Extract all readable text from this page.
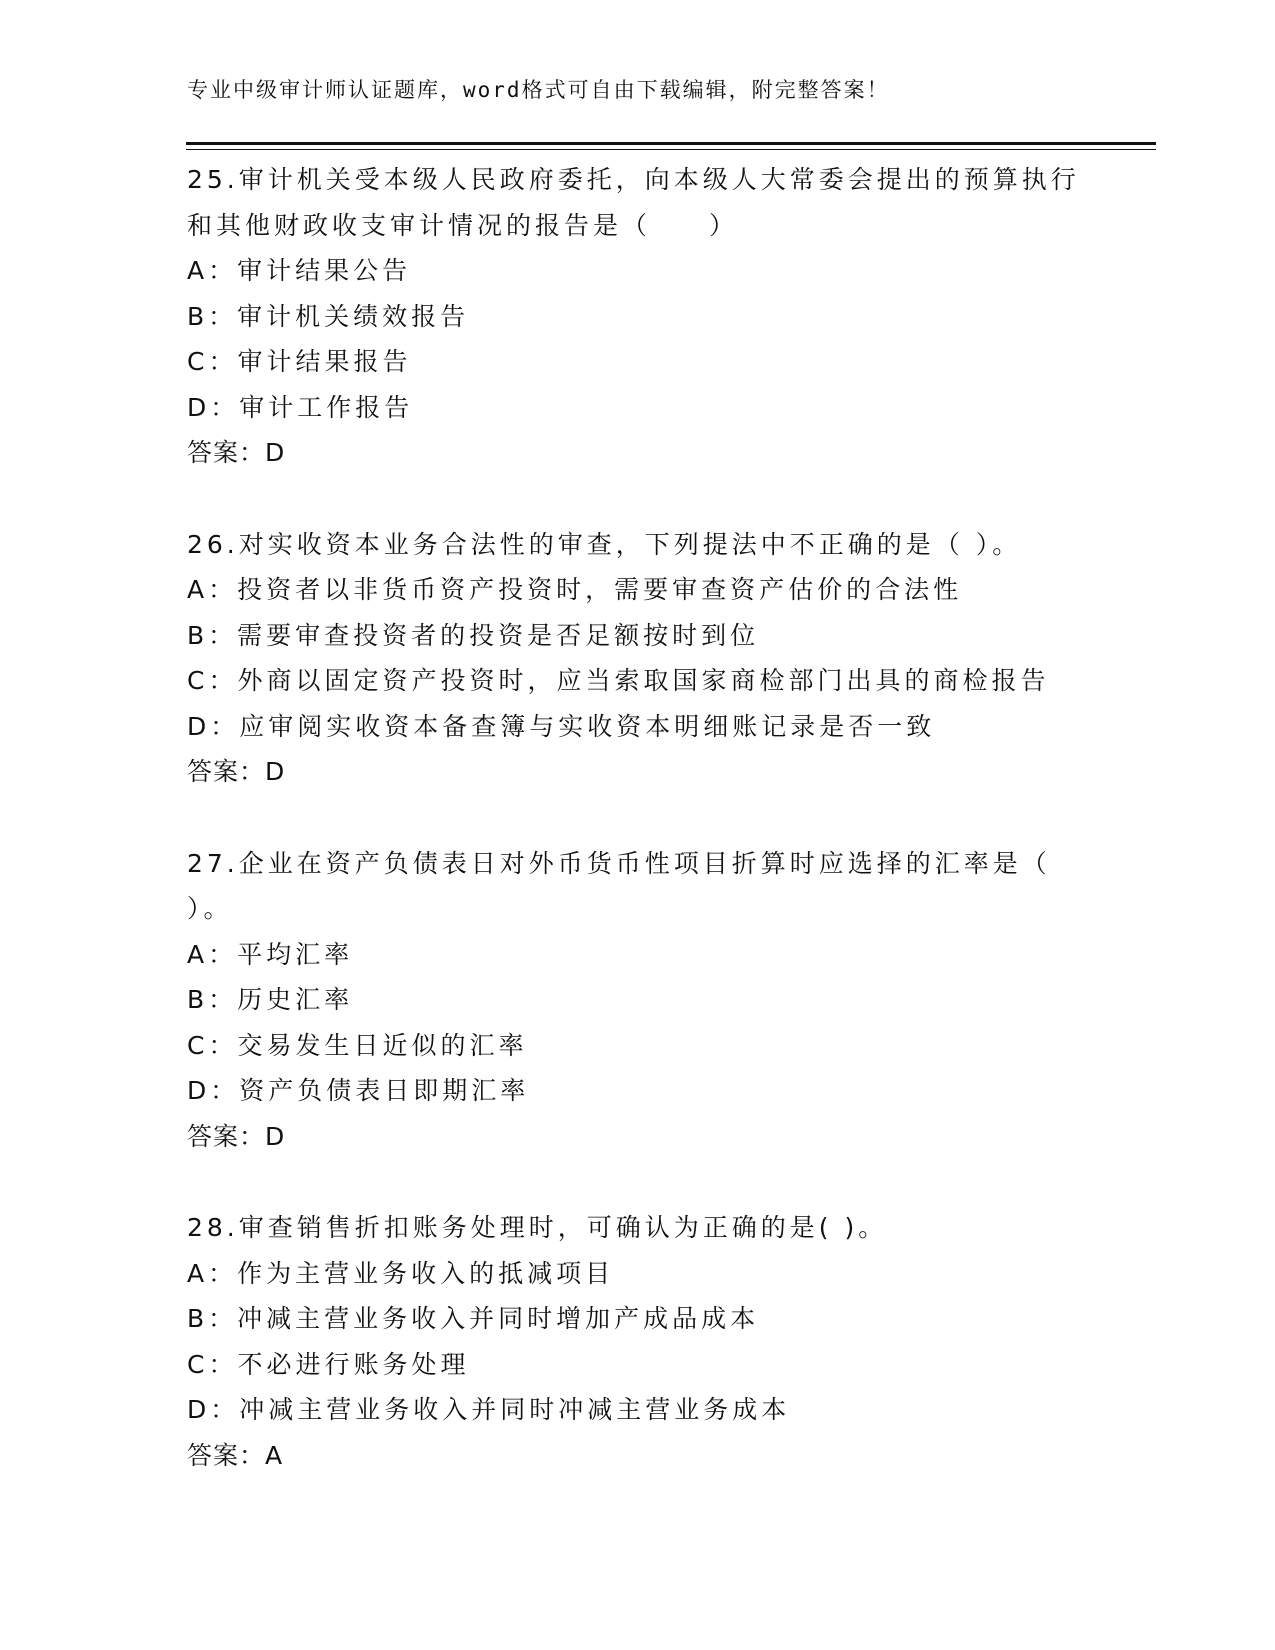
专业中级审计师认证题库，word格式可自由下载编辑，附完整答案！
25.审计机关受本级人民政府委托，向本级人大常委会提出的预算执行
和其他财政收支审计情况的报告是（　　）
A：审计结果公告
B：审计机关绩效报告
C：审计结果报告
D：审计工作报告
答案：D
26.对实收资本业务合法性的审查，下列提法中不正确的是（ ）。
A：投资者以非货币资产投资时，需要审查资产估价的合法性
B：需要审查投资者的投资是否足额按时到位
C：外商以固定资产投资时，应当索取国家商检部门出具的商检报告
D：应审阅实收资本备查簿与实收资本明细账记录是否一致
答案：D
27.企业在资产负债表日对外币货币性项目折算时应选择的汇率是（
）。
A：平均汇率
B：历史汇率
C：交易发生日近似的汇率
D：资产负债表日即期汇率
答案：D
28.审查销售折扣账务处理时，可确认为正确的是( )。
A：作为主营业务收入的抵减项目
B：冲减主营业务收入并同时增加产成品成本
C：不必进行账务处理
D：冲减主营业务收入并同时冲减主营业务成本
答案：A
